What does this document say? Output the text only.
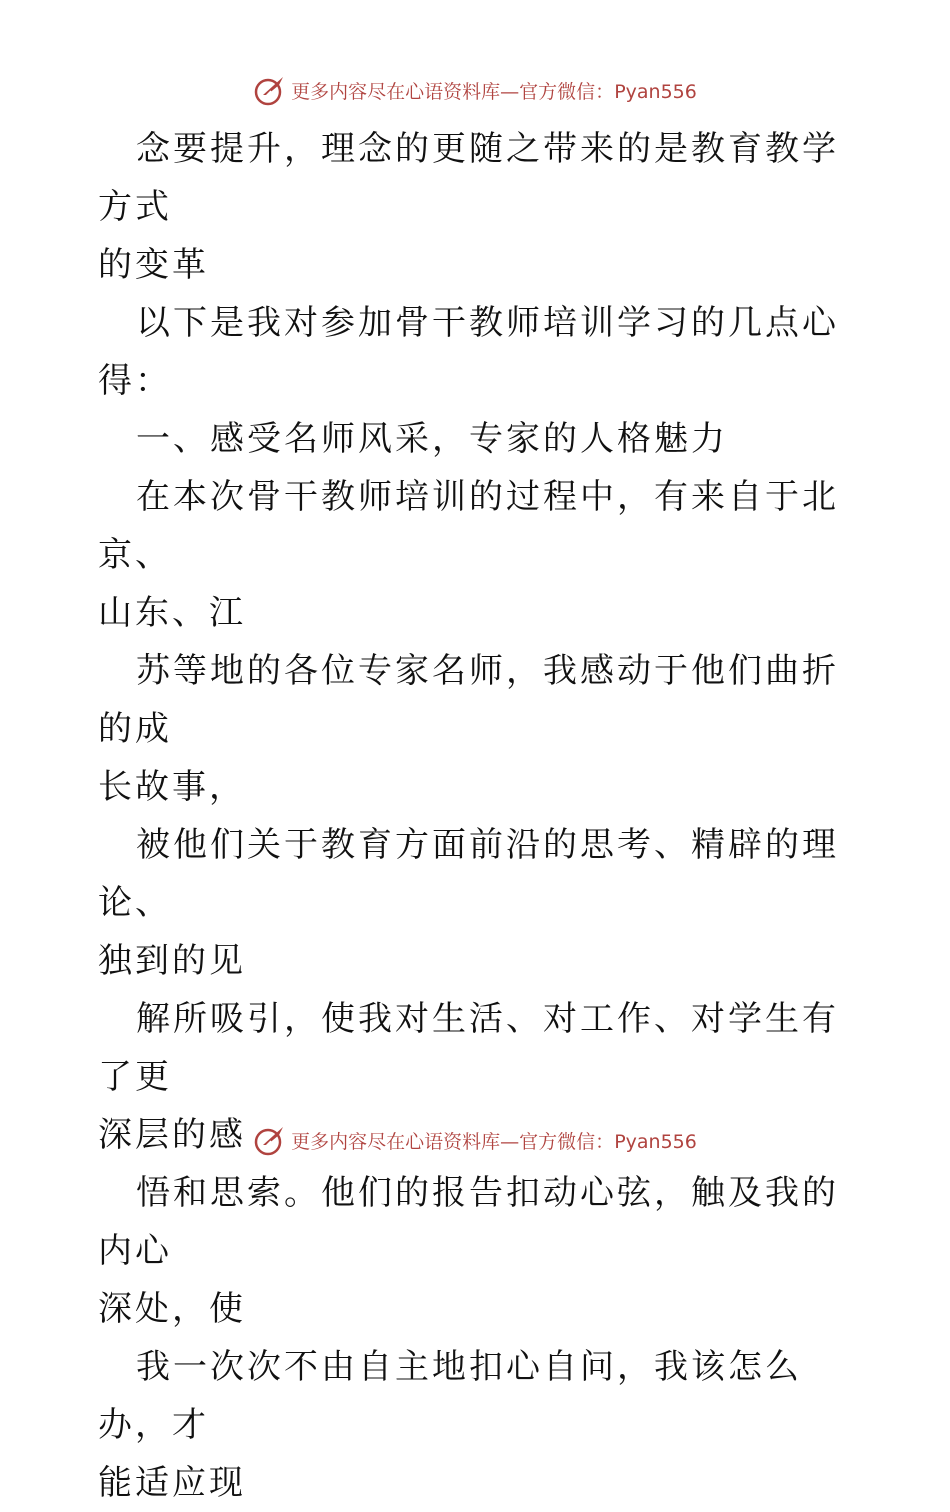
更多内容尽在心语资料库—官方微信：Pyan556

念要提升，理念的更随之带来的是教育教学方式
的变革

以下是我对参加骨干教师培训学习的几点心得：

一、感受名师风采，专家的人格魅力

在本次骨干教师培训的过程中，有来自于北京、
山东、江

苏等地的各位专家名师，我感动于他们曲折的成
长故事，

被他们关于教育方面前沿的思考、精辟的理论、
独到的见

解所吸引，使我对生活、对工作、对学生有了更
深层的感

悟和思索。他们的报告扣动心弦，触及我的内心
深处，使

我一次次不由自主地扣心自问，我该怎么办，才
能适应现

更多内容尽在心语资料库—官方微信：Pyan556
